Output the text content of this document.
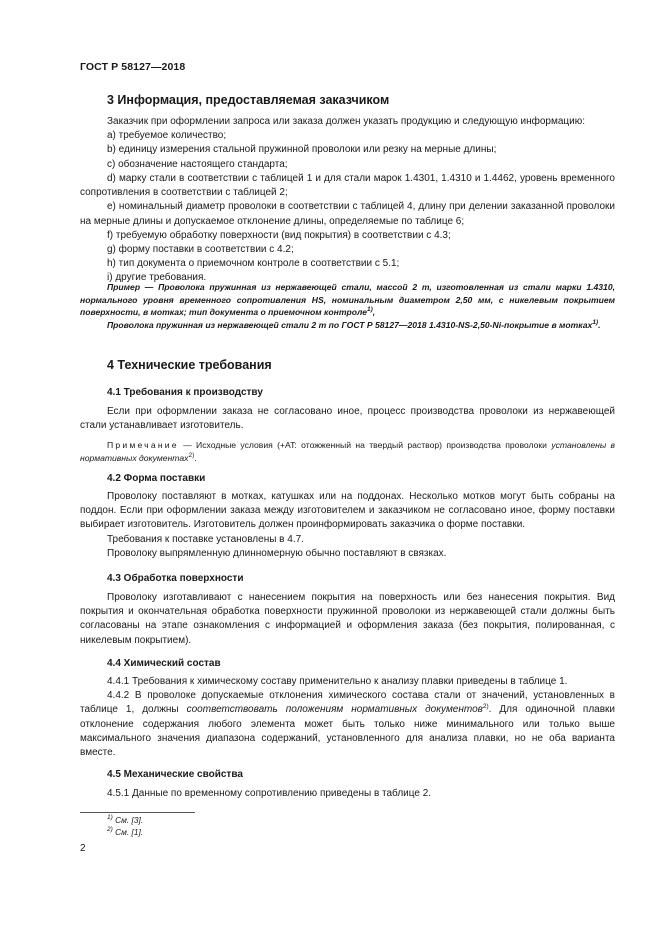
ГОСТ Р 58127—2018
3 Информация, предоставляемая заказчиком
Заказчик при оформлении запроса или заказа должен указать продукцию и следующую информацию:
a) требуемое количество;
b) единицу измерения стальной пружинной проволоки или резку на мерные длины;
c) обозначение настоящего стандарта;

d) марку стали в соответствии с таблицей 1 и для стали марок 1.4301, 1.4310 и 1.4462, уровень временного сопротивления в соответствии с таблицей 2;

e) номинальный диаметр проволоки в соответствии с таблицей 4, длину при делении заказанной проволоки на мерные длины и допускаемое отклонение длины, определяемые по таблице 6;

f) требуемую обработку поверхности (вид покрытия) в соответствии с 4.3;
g) форму поставки в соответствии с 4.2;
h) тип документа о приемочном контроле в соответствии с 5.1;
i) другие требования.

Пример — Проволока пружинная из нержавеющей стали, массой 2 т, изготовленная из стали марки 1.4310, нормального уровня временного сопротивления HS, номинальным диаметром 2,50 мм, с никелевым покрытием поверхности, в мотках; тип документа о приемочном контроле$^{1)}$,

Проволока пружинная из нержавеющей стали 2 т по ГОСТ Р 58127—2018 1.4310-NS-2,50-Ni-покрытие в мотках$^{1)}$.

4 Технические требования
4.1 Требования к производству

Если при оформлении заказа не согласовано иное, процесс производства проволоки из нержавеющей стали устанавливает изготовитель.

Примечание — Исходные условия (+AT: отожженный на твердый раствор) производства проволоки установлены в нормативных документах$^{2)}$.

4.2 Форма поставки

Проволоку поставляют в мотках, катушках или на поддонах. Несколько мотков могут быть собраны на поддон. Если при оформлении заказа между изготовителем и заказчиком не согласовано иное, форму поставки выбирает изготовитель. Изготовитель должен проинформировать заказчика о форме поставки.

Требования к поставке установлены в 4.7.
Проволоку выпрямленную длинномерную обычно поставляют в связках.
4.3 Обработка поверхности

Проволоку изготавливают с нанесением покрытия на поверхность или без нанесения покрытия. Вид покрытия и окончательная обработка поверхности пружинной проволоки из нержавеющей стали должны быть согласованы на этапе ознакомления с информацией и оформления заказа (без покрытия, полированная, с никелевым покрытием).

4.4 Химический состав
4.4.1 Требования к химическому составу применительно к анализу плавки приведены в таблице 1.

4.4.2 В проволоке допускаемые отклонения химического состава стали от значений, установленных в таблице 1, должны соответствовать положениям нормативных документов$^{2)}$. Для одиночной плавки отклонение содержания любого элемента может быть только ниже минимального или только выше максимального значения диапазона содержаний, установленного для анализа плавки, но не оба варианта вместе.

4.5 Механические свойства
4.5.1 Данные по временному сопротивлению приведены в таблице 2.
$^{1)}$ См. [3].
$^{2)}$ См. [1].
2
